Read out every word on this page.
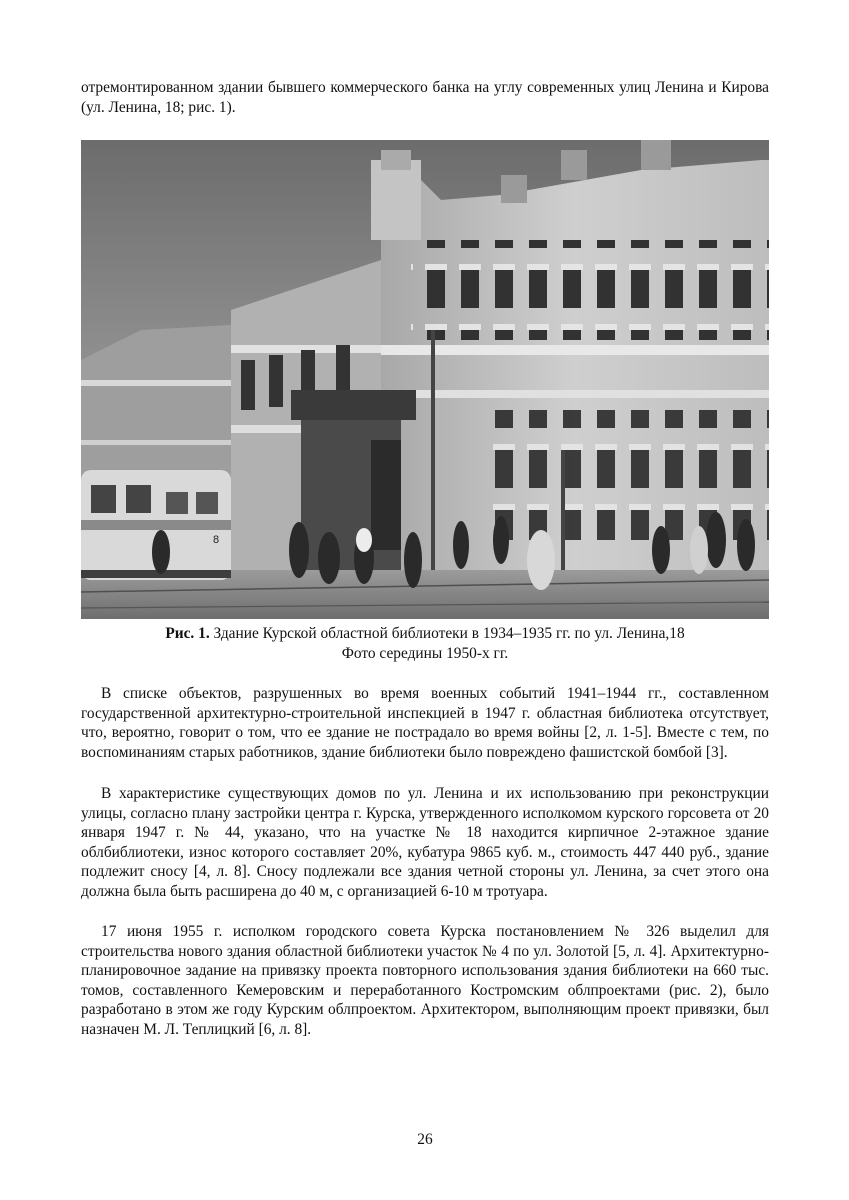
отремонтированном здании бывшего коммерческого банка на углу современных улиц Ленина и Кирова (ул. Ленина, 18; рис. 1).

8

Рис. 1. Здание Курской областной библиотеки в 1934–1935 гг. по ул. Ленина,18

Фото середины 1950-х гг.

В списке объектов, разрушенных во время военных событий 1941–1944 гг., составленном государственной архитектурно-строительной инспекцией в 1947 г. областная библиотека отсутствует, что, вероятно, говорит о том, что ее здание не пострадало во время войны [2, л. 1-5]. Вместе с тем, по воспоминаниям старых работников, здание библиотеки было повреждено фашистской бомбой [3].

В характеристике существующих домов по ул. Ленина и их использованию при реконструкции улицы, согласно плану застройки центра г. Курска, утвержденного исполкомом курского горсовета от 20 января 1947 г. № 44, указано, что на участке № 18 находится кирпичное 2-этажное здание облбиблиотеки, износ которого составляет 20%, кубатура 9865 куб. м., стоимость 447 440 руб., здание подлежит сносу [4, л. 8]. Сносу подлежали все здания четной стороны ул. Ленина, за счет этого она должна была быть расширена до 40 м, с организацией 6-10 м тротуара.

17 июня 1955 г. исполком городского совета Курска постановлением № 326 выделил для строительства нового здания областной библиотеки участок № 4 по ул. Золотой [5, л. 4]. Архитектурно-планировочное задание на привязку проекта повторного использования здания библиотеки на 660 тыс. томов, составленного Кемеровским и переработанного Костромским облпроектами (рис. 2), было разработано в этом же году Курским облпроектом. Архитектором, выполняющим проект привязки, был назначен М. Л. Теплицкий [6, л. 8].

26
